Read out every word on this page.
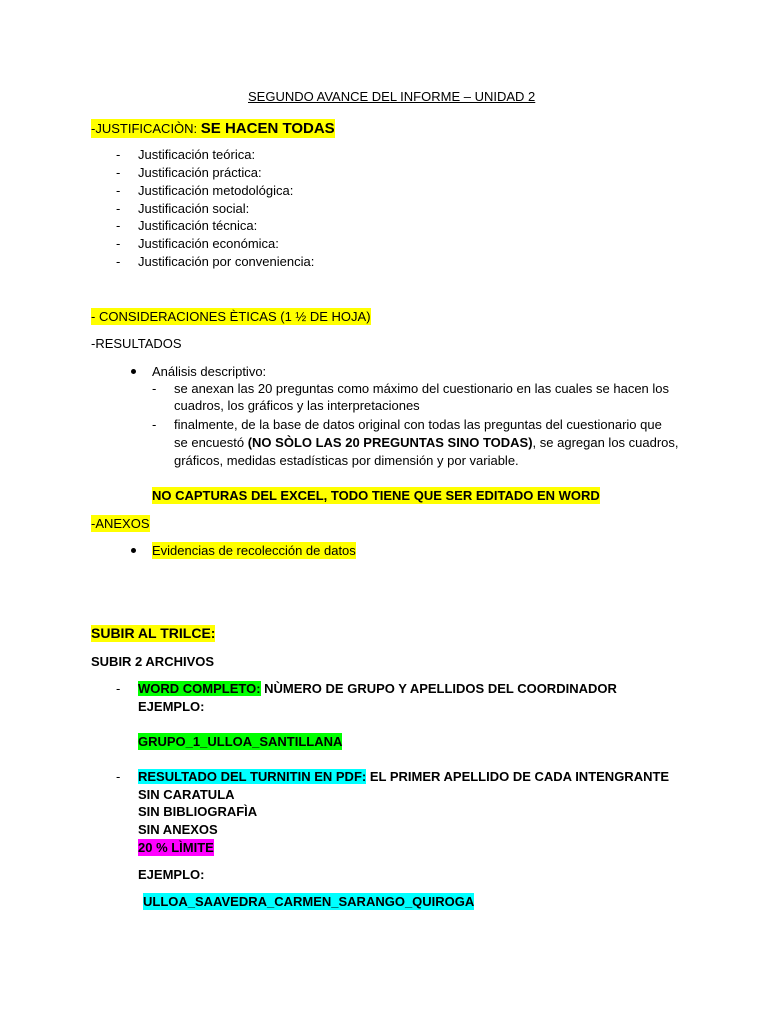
SEGUNDO AVANCE DEL INFORME – UNIDAD 2
-JUSTIFICACIÒN: SE HACEN TODAS
- Justificación teórica:
- Justificación práctica:
- Justificación metodológica:
- Justificación social:
- Justificación técnica:
- Justificación económica:
- Justificación por conveniencia:
- CONSIDERACIONES ÈTICAS (1 ½ DE HOJA)
-RESULTADOS
Análisis descriptivo:
- se anexan las 20 preguntas como máximo del cuestionario en las cuales se hacen los
cuadros, los gráficos y las interpretaciones
- finalmente, de la base de datos original con todas las preguntas del cuestionario que
se encuestó (NO SÒLO LAS 20 PREGUNTAS SINO TODAS), se agregan los cuadros,
gráficos, medidas estadísticas por dimensión y por variable.
NO CAPTURAS DEL EXCEL, TODO TIENE QUE SER EDITADO EN WORD
-ANEXOS
Evidencias de recolección de datos
SUBIR AL TRILCE:
SUBIR 2 ARCHIVOS
- WORD COMPLETO: NÙMERO DE GRUPO Y APELLIDOS DEL COORDINADOR
EJEMPLO:
GRUPO_1_ULLOA_SANTILLANA
- RESULTADO DEL TURNITIN EN PDF: EL PRIMER APELLIDO DE CADA INTENGRANTE
SIN CARATULA
SIN BIBLIOGRAFÌA
SIN ANEXOS
20 % LÌMITE
EJEMPLO:
ULLOA_SAAVEDRA_CARMEN_SARANGO_QUIROGA
